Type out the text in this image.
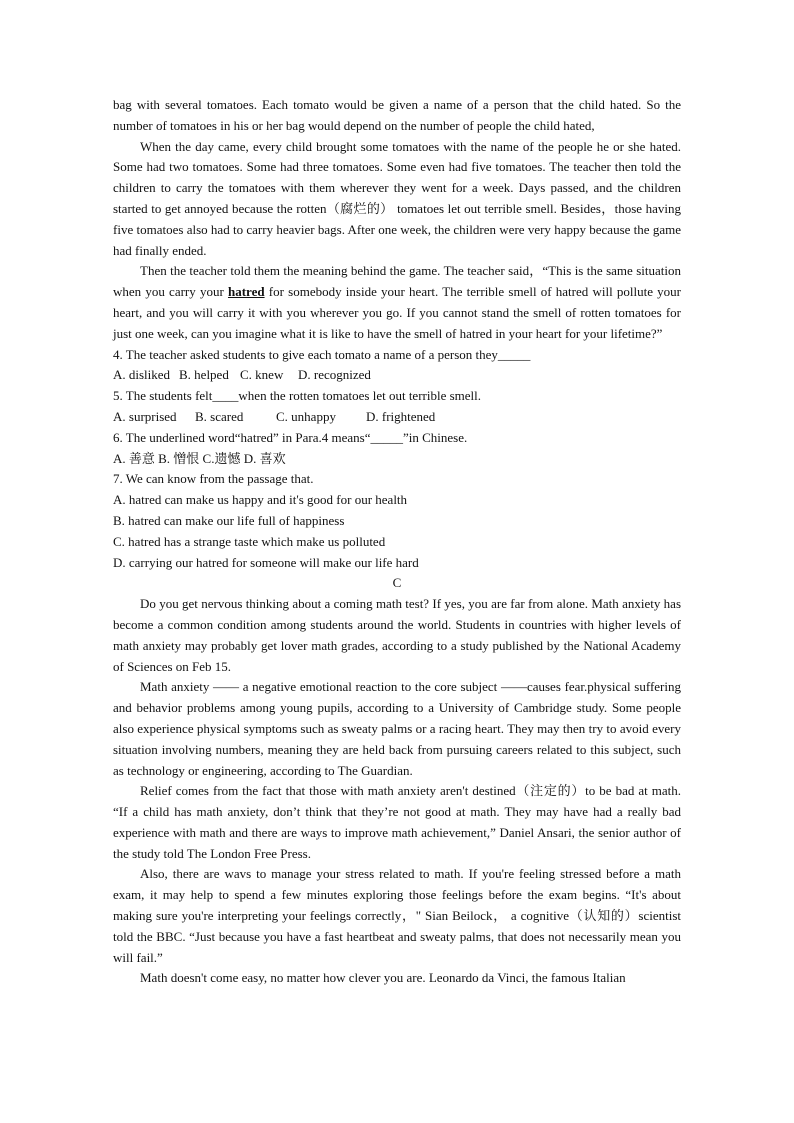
bag with several tomatoes. Each tomato would be given a name of a person that the child hated. So the number of tomatoes in his or her bag would depend on the number of people the child hated,

When the day came, every child brought some tomatoes with the name of the people he or she hated. Some had two tomatoes. Some had three tomatoes. Some even had five tomatoes. The teacher then told the children to carry the tomatoes with them wherever they went for a week. Days passed, and the children started to get annoyed because the rotten（腐烂的） tomatoes let out terrible smell. Besides，those having five tomatoes also had to carry heavier bags. After one week, the children were very happy because the game had finally ended.

Then the teacher told them the meaning behind the game. The teacher said，“This is the same situation when you carry your hatred for somebody inside your heart. The terrible smell of hatred will pollute your heart, and you will carry it with you wherever you go. If you cannot stand the smell of rotten tomatoes for just one week, can you imagine what it is like to have the smell of hatred in your heart for your lifetime?”

4. The teacher asked students to give each tomato a name of a person they_____

A. disliked B. helped C. knew	D. recognized

5. The students felt____when the rotten tomatoes let out terrible smell.

A. surprised	B. scared	C. unhappy	D. frightened

6. The underlined word“hatred” in Para.4 means“_____”in Chinese.

A. 善意 B. 憎恨 C.遗憾 D. 喜欢

7. We can know from the passage that.

A. hatred can make us happy and it's good for our health

B. hatred can make our life full of happiness

C. hatred has a strange taste which make us polluted

D. carrying our hatred for someone will make our life hard

C

Do you get nervous thinking about a coming math test? If yes, you are far from alone. Math anxiety has become a common condition among students around the world. Students in countries with higher levels of math anxiety may probably get lover math grades, according to a study published by the National Academy of Sciences on Feb 15.

Math anxiety —— a negative emotional reaction to the core subject ——causes fear.physical suffering and behavior problems among young pupils, according to a University of Cambridge study. Some people also experience physical symptoms such as sweaty palms or a racing heart. They may then try to avoid every situation involving numbers, meaning they are held back from pursuing careers related to this subject, such as technology or engineering, according to The Guardian.

Relief comes from the fact that those with math anxiety aren't destined（注定的）to be bad at math. “If a child has math anxiety, don’t think that they’re not good at math. They may have had a really bad experience with math and there are ways to improve math achievement,” Daniel Ansari, the senior author of the study told The London Free Press.

Also, there are wavs to manage your stress related to math. If you're feeling stressed before a math exam, it may help to spend a few minutes exploring those feelings before the exam begins. “It's about making sure you're interpreting your feelings correctly，" Sian Beilock， a cognitive（认知的）scientist told the BBC. “Just because you have a fast heartbeat and sweaty palms, that does not necessarily mean you will fail.”

Math doesn't come easy, no matter how clever you are. Leonardo da Vinci, the famous Italian
